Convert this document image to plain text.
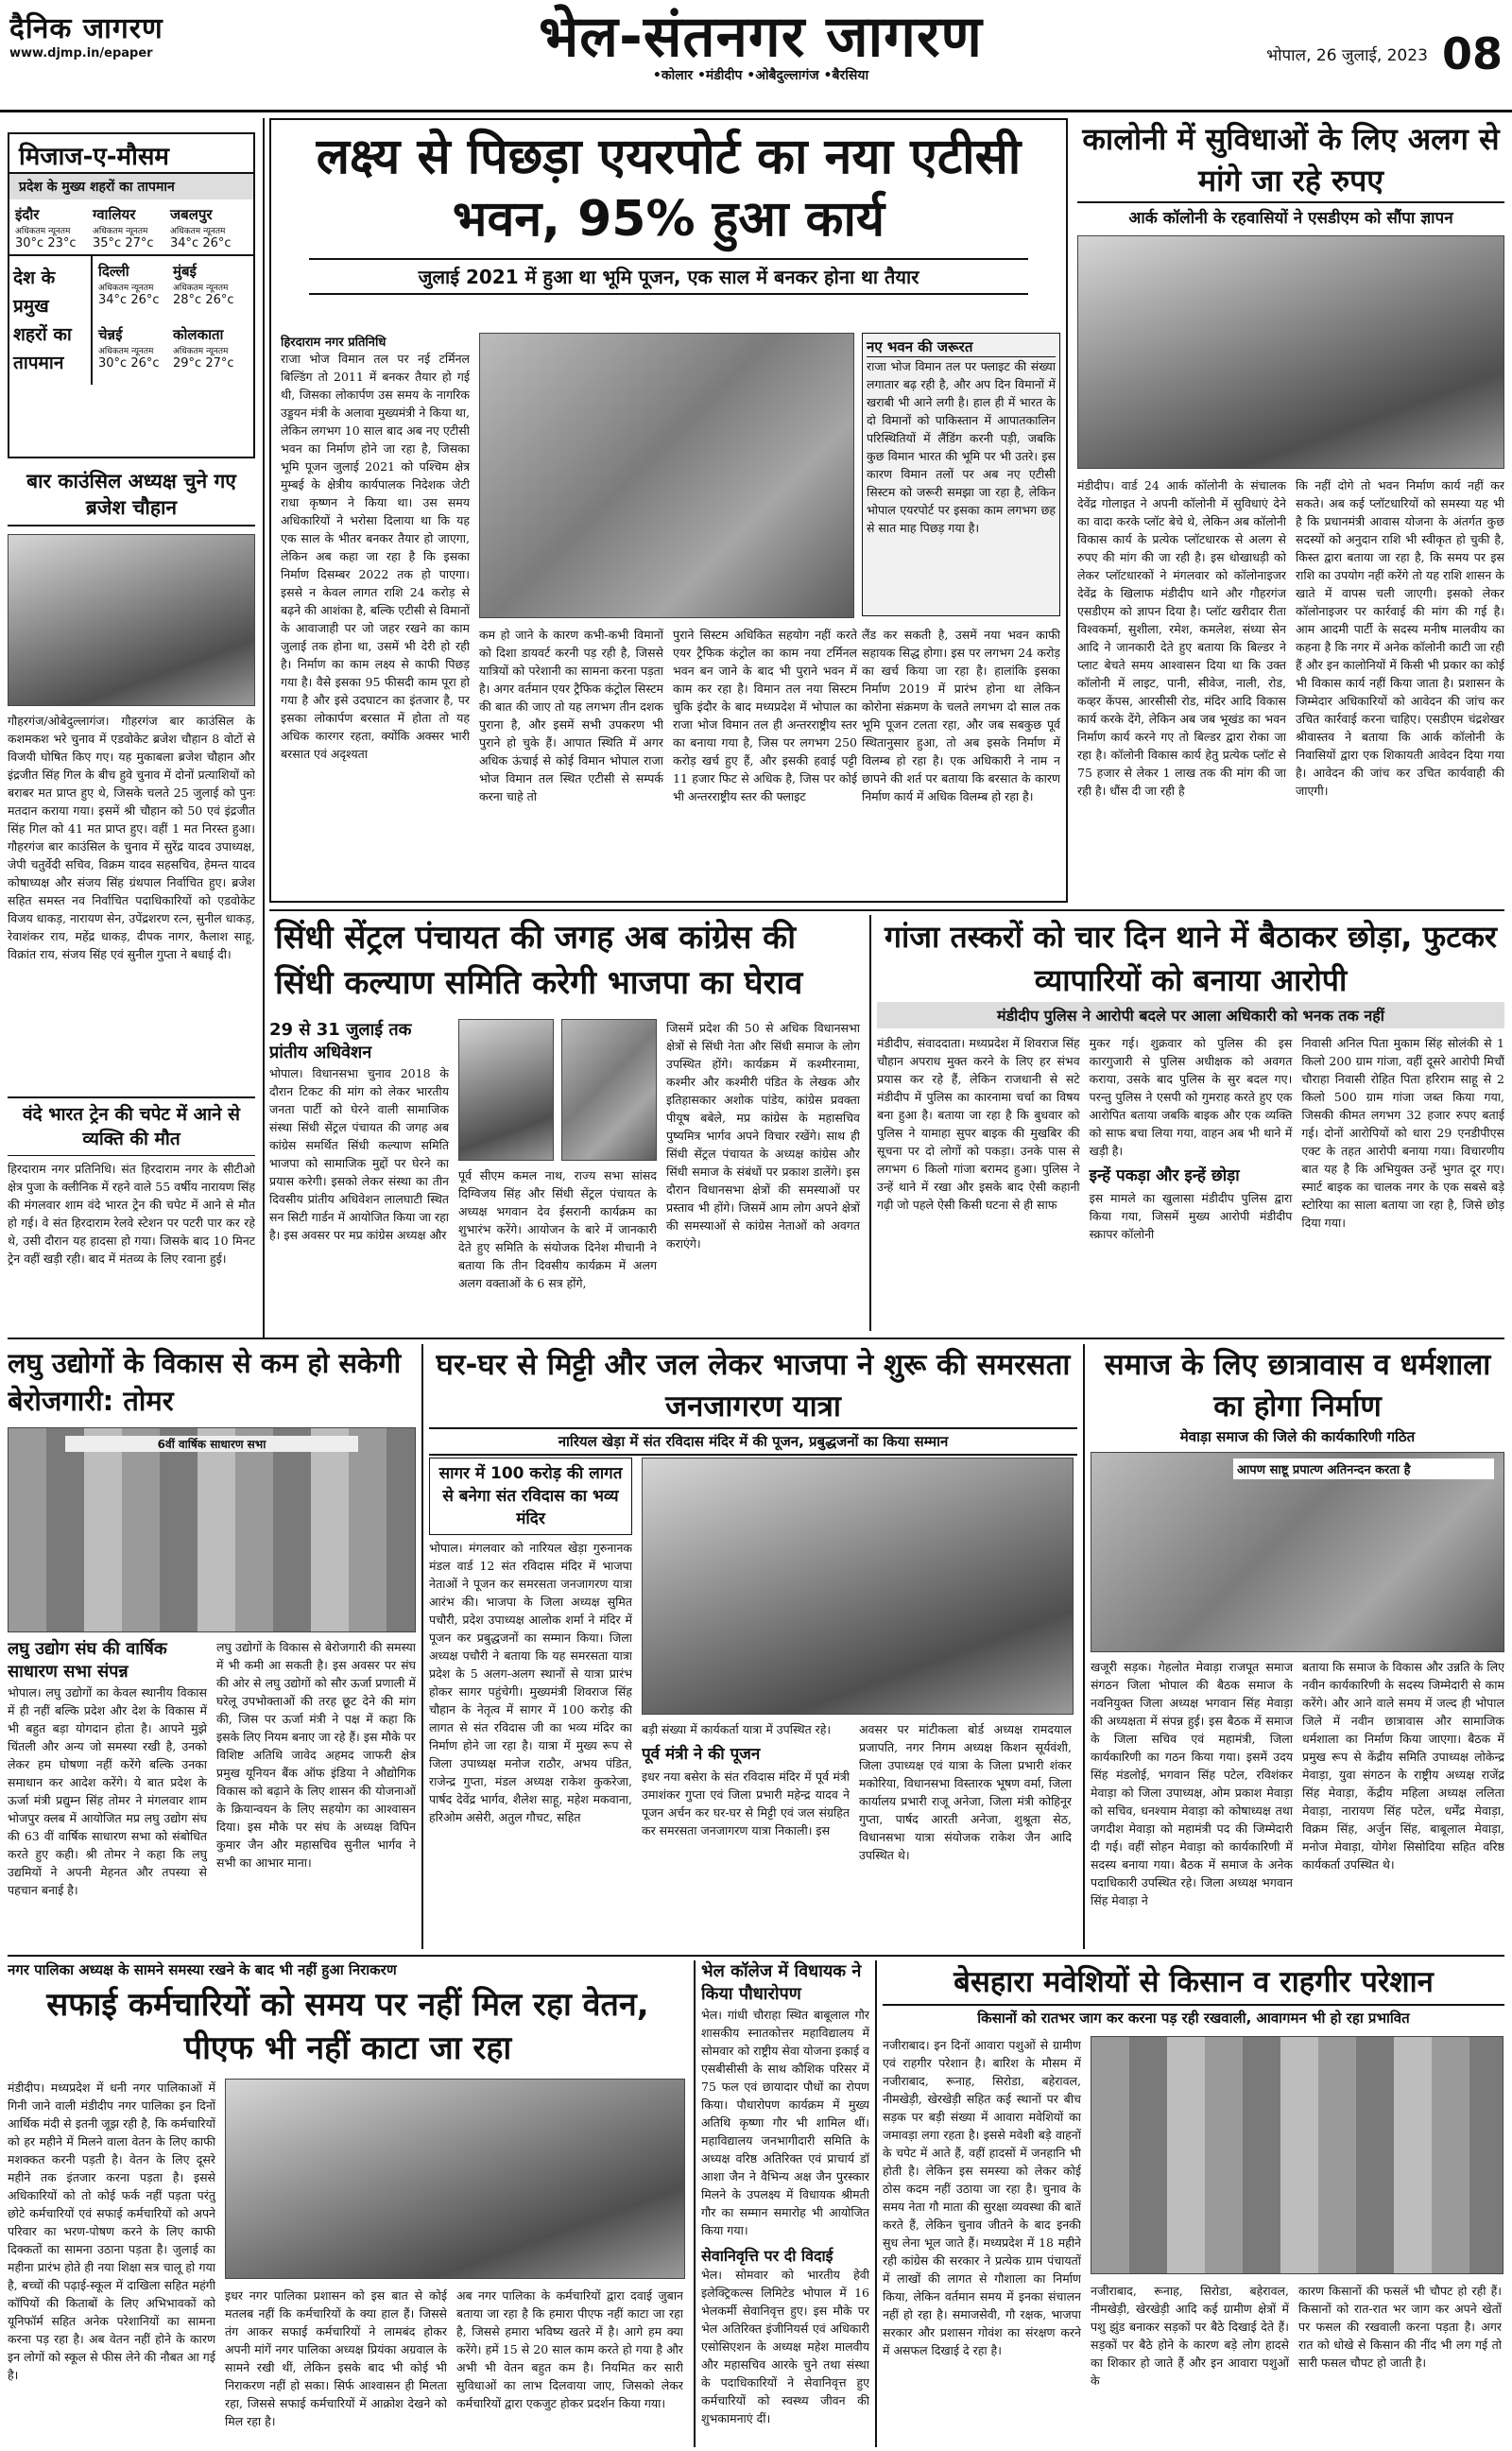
दैनिक जागरण
www.djmp.in/epaper	भेल-संतनगर जागरण
•कोलार •मंडीदीप •ओबैदुल्लागंज •बैरसिया
भोपाल, 26 जुलाई, 2023 08
मिजाज-ए-मौसम
प्रदेश के मुख्य शहरों का तापमान
इंदौर
अधिकतम न्यूनतम
30°c 23°c
ग्वालियर
अधिकतम न्यूनतम
35°c 27°c
जबलपुर
अधिकतम न्यूनतम
34°c 26°c
देश के प्रमुख शहरों का तापमान
दिल्ली
अधिकतम न्यूनतम
34°c 26°c
मुंबई
अधिकतम न्यूनतम
28°c 26°c
चेन्नई
अधिकतम न्यूनतम
30°c 26°c
कोलकाता
अधिकतम न्यूनतम
29°c 27°c
बार काउंसिल अध्यक्ष चुने गए ब्रजेश चौहान
गौहरगंज/ओबेदुल्लागंज। गौहरगंज बार काउंसिल के कशमकश भरे चुनाव में एडवोकेट ब्रजेश चौहान 8 वोटों से विजयी घोषित किए गए। यह मुकाबला ब्रजेश चौहान और इंद्रजीत सिंह गिल के बीच हुवे चुनाव में दोनों प्रत्याशियों को बराबर मत प्राप्त हुए थे, जिसके चलते 25 जुलाई को पुनः मतदान कराया गया। इसमें श्री चौहान को 50 एवं इंद्रजीत सिंह गिल को 41 मत प्राप्त हुए। वहीं 1 मत निरस्त हुआ। गौहरगंज बार काउंसिल के चुनाव में सुरेंद्र यादव उपाध्यक्ष, जेपी चतुर्वेदी सचिव, विक्रम यादव सहसचिव, हेमन्त यादव कोषाध्यक्ष और संजय सिंह ग्रंथपाल निर्वाचित हुए। ब्रजेश सहित समस्त नव निर्वाचित पदाधिकारियों को एडवोकेट विजय धाकड़, नारायण सेन, उपेंद्रशरण रत्न, सुनील धाकड़, रेवाशंकर राय, महेंद्र धाकड़, दीपक नागर, कैलाश साहू, विक्रांत राय, संजय सिंह एवं सुनील गुप्ता ने बधाई दी।
वंदे भारत ट्रेन की चपेट में आने से व्यक्ति की मौत
हिरदाराम नगर प्रतिनिधि। संत हिरदाराम नगर के सीटीओ क्षेत्र पुजा के क्लीनिक में रहने वाले 55 वर्षीय नारायण सिंह की मंगलवार शाम वंदे भारत ट्रेन की चपेट में आने से मौत हो गई। वे संत हिरदाराम रेलवे स्टेशन पर पटरी पार कर रहे थे, उसी दौरान यह हादसा हो गया। जिसके बाद 10 मिनट ट्रेन वहीं खड़ी रही। बाद में मंतव्य के लिए रवाना हुई।
लक्ष्य से पिछड़ा एयरपोर्ट का नया एटीसी भवन, 95% हुआ कार्य
जुलाई 2021 में हुआ था भूमि पूजन, एक साल में बनकर होना था तैयार
हिरदाराम नगर प्रतिनिधि
राजा भोज विमान तल पर नई टर्मिनल बिल्डिंग तो 2011 में बनकर तैयार हो गई थी, जिसका लोकार्पण उस समय के नागरिक उड्डयन मंत्री के अलावा मुख्यमंत्री ने किया था, लेकिन लगभग 10 साल बाद अब नए एटीसी भवन का निर्माण होने जा रहा है, जिसका भूमि पूजन जुलाई 2021 को पश्चिम क्षेत्र मुम्बई के क्षेत्रीय कार्यपालक निदेशक जेटी राधा कृष्णन ने किया था। उस समय अधिकारियों ने भरोसा दिलाया था कि यह एक साल के भीतर बनकर तैयार हो जाएगा, लेकिन अब कहा जा रहा है कि इसका निर्माण दिसम्बर 2022 तक हो पाएगा। इससे न केवल लागत राशि 24 करोड़ से बढ़ने की आशंका है, बल्कि एटीसी से विमानों के आवाजाही पर जो जहर रखने का काम जुलाई तक होना था, उसमें भी देरी हो रही है। निर्माण का काम लक्ष्य से काफी पिछड़ गया है। वैसे इसका 95 फीसदी काम पूरा हो गया है और इसे उदघाटन का इंतजार है, पर इसका लोकार्पण बरसात में होता तो यह अधिक कारगर रहता, क्योंकि अक्सर भारी बरसात एवं अदृश्यता
कम हो जाने के कारण कभी-कभी विमानों को दिशा डायवर्ट करनी पड़ रही है, जिससे यात्रियों को परेशानी का सामना करना पड़ता है। अगर वर्तमान एयर ट्रैफिक कंट्रोल सिस्टम की बात की जाए तो यह लगभग तीन दशक पुराना है, और इसमें सभी उपकरण भी पुराने हो चुके हैं। आपात स्थिति में अगर अधिक ऊंचाई से कोई विमान भोपाल राजा भोज विमान तल स्थित एटीसी से सम्पर्क करना चाहे तो
पुराने सिस्टम अधिकित सहयोग नहीं करते एयर ट्रैफिक कंट्रोल का काम नया टर्मिनल भवन बन जाने के बाद भी पुराने भवन में काम कर रहा है। विमान तल नया सिस्टम चुकि इंदौर के बाद मध्यप्रदेश में भोपाल का राजा भोज विमान तल ही अन्तरराष्ट्रीय स्तर का बनाया गया है, जिस पर लगभग 250 करोड़ खर्च हुए हैं, और इसकी हवाई पट्टी 11 हजार फिट से अधिक है, जिस पर कोई भी अन्तरराष्ट्रीय स्तर की फ्लाइट
नए भवन की जरूरत
राजा भोज विमान तल पर फ्लाइट की संख्या लगातार बढ़ रही है, और अप दिन विमानों में खराबी भी आने लगी है। हाल ही में भारत के दो विमानों को पाकिस्तान में आपातकालिन परिस्थितियों में लैंडिंग करनी पड़ी, जबकि कुछ विमान भारत की भूमि पर भी उतरे। इस कारण विमान तलों पर अब नए एटीसी सिस्टम को जरूरी समझा जा रहा है, लेकिन भोपाल एयरपोर्ट पर इसका काम लगभग छह से सात माह पिछड़ गया है।
लैंड कर सकती है, उसमें नया भवन काफी सहायक सिद्ध होगा। इस पर लगभग 24 करोड़ का खर्च किया जा रहा है। हालांकि इसका निर्माण 2019 में प्रारंभ होना था लेकिन कोरोना संक्रमण के चलते लगभग दो साल तक भूमि पूजन टलता रहा, और जब सबकुछ पूर्व स्थितानुसार हुआ, तो अब इसके निर्माण में विलम्ब हो रहा है। एक अधिकारी ने नाम न छापने की शर्त पर बताया कि बरसात के कारण निर्माण कार्य में अधिक विलम्ब हो रहा है।
कालोनी में सुविधाओं के लिए अलग से मांगे जा रहे रुपए
आर्क कॉलोनी के रहवासियों ने एसडीएम को सौंपा ज्ञापन
मंडीदीप। वार्ड 24 आर्क कॉलोनी के संचालक देवेंद्र गोलाइत ने अपनी कॉलोनी में सुविधाएं देने का वादा करके प्लॉट बेचे थे, लेकिन अब कॉलोनी विकास कार्य के प्रत्येक प्लॉटधारक से अलग से रुपए की मांग की जा रही है। इस धोखाधड़ी को लेकर प्लॉटधारकों ने मंगलवार को कॉलोनाइजर देवेंद्र के खिलाफ मंडीदीप थाने और गौहरगंज एसडीएम को ज्ञापन दिया है। प्लॉट खरीदार रीता विश्वकर्मा, सुशीला, रमेश, कमलेश, संध्या सेन आदि ने जानकारी देते हुए बताया कि बिल्डर ने प्लाट बेचते समय आश्वासन दिया था कि उक्त कॉलोनी में लाइट, पानी, सीवेज, नाली, रोड, कव्हर केंपस, आरसीसी रोड, मंदिर आदि विकास कार्य करके देंगे, लेकिन अब जब भूखंड का भवन निर्माण कार्य करने गए तो बिल्डर द्वारा रोका जा रहा है। कॉलोनी विकास कार्य हेतु प्रत्येक प्लॉट से 75 हजार से लेकर 1 लाख तक की मांग की जा रही है। धौंस दी जा रही है
कि नहीं दोगे तो भवन निर्माण कार्य नहीं कर सकते। अब कई प्लॉटधारियों को समस्या यह भी है कि प्रधानमंत्री आवास योजना के अंतर्गत कुछ सदस्यों को अनुदान राशि भी स्वीकृत हो चुकी है, किस्त द्वारा बताया जा रहा है, कि समय पर इस राशि का उपयोग नहीं करेंगे तो यह राशि शासन के खाते में वापस चली जाएगी। इसको लेकर कॉलोनाइजर पर कार्रवाई की मांग की गई है। आम आदमी पार्टी के सदस्य मनीष मालवीय का कहना है कि नगर में अनेक कॉलोनी काटी जा रही हैं और इन कालोनियों में किसी भी प्रकार का कोई भी विकास कार्य नहीं किया जाता है। प्रशासन के जिम्मेदार अधिकारियों को आवेदन की जांच कर उचित कार्रवाई करना चाहिए। एसडीएम चंद्रशेखर श्रीवास्तव ने बताया कि आर्क कॉलोनी के निवासियों द्वारा एक शिकायती आवेदन दिया गया है। आवेदन की जांच कर उचित कार्यवाही की जाएगी।
सिंधी सेंट्रल पंचायत की जगह अब कांग्रेस की सिंधी कल्याण समिति करेगी भाजपा का घेराव
29 से 31 जुलाई तक प्रांतीय अधिवेशन
भोपाल। विधानसभा चुनाव 2018 के दौरान टिकट की मांग को लेकर भारतीय जनता पार्टी को घेरने वाली सामाजिक संस्था सिंधी सेंट्रल पंचायत की जगह अब कांग्रेस समर्थित सिंधी कल्याण समिति भाजपा को सामाजिक मुद्दों पर घेरने का प्रयास करेगी। इसको लेकर संस्था का तीन दिवसीय प्रांतीय अधिवेशन लालघाटी स्थित सन सिटी गार्डन में आयोजित किया जा रहा है। इस अवसर पर मप्र कांग्रेस अध्यक्ष और
पूर्व सीएम कमल नाथ, राज्य सभा सांसद दिग्विजय सिंह और सिंधी सेंट्रल पंचायत के अध्यक्ष भगवान देव ईसरानी कार्यक्रम का शुभारंभ करेंगे। आयोजन के बारे में जानकारी देते हुए समिति के संयोजक दिनेश मीचानी ने बताया कि तीन दिवसीय कार्यक्रम में अलग अलग वक्ताओं के 6 सत्र होंगे,
जिसमें प्रदेश की 50 से अधिक विधानसभा क्षेत्रों से सिंधी नेता और सिंधी समाज के लोग उपस्थित होंगे। कार्यक्रम में कश्मीरनामा, कश्मीर और कश्मीरी पंडित के लेखक और इतिहासकार अशोक पांडेय, कांग्रेस प्रवक्ता पीयूष बबेले, मप्र कांग्रेस के महासचिव पुष्यमित्र भार्गव अपने विचार रखेंगे। साथ ही सिंधी सेंट्रल पंचायत के अध्यक्ष कांग्रेस और सिंधी समाज के संबंधों पर प्रकाश डालेंगे। इस दौरान विधानसभा क्षेत्रों की समस्याओं पर प्रस्ताव भी होंगे। जिसमें आम लोग अपने क्षेत्रों की समस्याओं से कांग्रेस नेताओं को अवगत कराएंगे।
गांजा तस्करों को चार दिन थाने में बैठाकर छोड़ा, फुटकर व्यापारियों को बनाया आरोपी
मंडीदीप पुलिस ने आरोपी बदले पर आला अधिकारी को भनक तक नहीं
मंडीदीप, संवाददाता। मध्यप्रदेश में शिवराज सिंह चौहान अपराध मुक्त करने के लिए हर संभव प्रयास कर रहे हैं, लेकिन राजधानी से सटे मंडीदीप में पुलिस का कारनामा चर्चा का विषय बना हुआ है। बताया जा रहा है कि बुधवार को पुलिस ने यामाहा सुपर बाइक की मुखबिर की सूचना पर दो लोगों को पकड़ा। उनके पास से लगभग 6 किलो गांजा बरामद हुआ। पुलिस ने उन्हें थाने में रखा और इसके बाद ऐसी कहानी गढ़ी जो पहले ऐसी किसी घटना से ही साफ
मुकर गई। शुक्रवार को पुलिस की इस कारगुजारी से पुलिस अधीक्षक को अवगत कराया, उसके बाद पुलिस के सुर बदल गए। परन्तु पुलिस ने एसपी को गुमराह करते हुए एक आरोपित बताया जबकि बाइक और एक व्यक्ति को साफ बचा लिया गया, वाहन अब भी थाने में खड़ी है।
इन्हें पकड़ा और इन्हें छोड़ा
इस मामले का खुलासा मंडीदीप पुलिस द्वारा किया गया, जिसमें मुख्य आरोपी मंडीदीप स्क्रापर कॉलोनी
निवासी अनिल पिता मुकाम सिंह सोलंकी से 1 किलो 200 ग्राम गांजा, वहीं दूसरे आरोपी मिचौं चौराहा निवासी रोहित पिता हरिराम साहू से 2 किलो 500 ग्राम गांजा जब्त किया गया, जिसकी कीमत लगभग 32 हजार रुपए बताई गई। दोनों आरोपियों को धारा 29 एनडीपीएस एक्ट के तहत आरोपी बनाया गया। विचारणीय बात यह है कि अभियुक्त उन्हें भुगत दूर गए। स्मार्ट बाइक का चालक नगर के एक सबसे बड़े स्टोरिया का साला बताया जा रहा है, जिसे छोड़ दिया गया।
लघु उद्योगों के विकास से कम हो सकेगी बेरोजगारी: तोमर
6वीं वार्षिक साधारण सभा
लघु उद्योग संघ की वार्षिक साधारण सभा संपन्न
भोपाल। लघु उद्योगों का केवल स्थानीय विकास में ही नहीं बल्कि प्रदेश और देश के विकास में भी बहुत बड़ा योगदान होता है। आपने मुझे चिंतली और अन्य जो समस्या रखी है, उनको लेकर हम घोषणा नहीं करेंगे बल्कि उनका समाधान कर आदेश करेंगे। ये बात प्रदेश के ऊर्जा मंत्री प्रद्युम्न सिंह तोमर ने मंगलवार शाम भोजपुर क्लब में आयोजित मप्र लघु उद्योग संघ की 63 वीं वार्षिक साधारण सभा को संबोधित करते हुए कही। श्री तोमर ने कहा कि लघु उद्यमियों ने अपनी मेहनत और तपस्या से पहचान बनाई है।
लघु उद्योगों के विकास से बेरोजगारी की समस्या में भी कमी आ सकती है। इस अवसर पर संघ की ओर से लघु उद्योगों को सौर ऊर्जा प्रणाली में घरेलू उपभोक्ताओं की तरह छूट देने की मांग की, जिस पर ऊर्जा मंत्री ने पक्ष में कहा कि इसके लिए नियम बनाए जा रहे हैं। इस मौके पर विशिष्ट अतिथि जावेद अहमद जाफरी क्षेत्र प्रमुख यूनियन बैंक ऑफ इंडिया ने औद्योगिक विकास को बढ़ाने के लिए शासन की योजनाओं के क्रियान्वयन के लिए सहयोग का आश्वासन दिया। इस मौके पर संघ के अध्यक्ष विपिन कुमार जैन और महासचिव सुनील भार्गव ने सभी का आभार माना।
घर-घर से मिट्टी और जल लेकर भाजपा ने शुरू की समरसता जनजागरण यात्रा
नारियल खेड़ा में संत रविदास मंदिर में की पूजन, प्रबुद्धजनों का किया सम्मान
सागर में 100 करोड़ की लागत से बनेगा संत रविदास का भव्य मंदिर
भोपाल। मंगलवार को नारियल खेड़ा गुरुनानक मंडल वार्ड 12 संत रविदास मंदिर में भाजपा नेताओं ने पूजन कर समरसता जनजागरण यात्रा आरंभ की। भाजपा के जिला अध्यक्ष सुमित पचौरी, प्रदेश उपाध्यक्ष आलोक शर्मा ने मंदिर में पूजन कर प्रबुद्धजनों का सम्मान किया। जिला अध्यक्ष पचौरी ने बताया कि यह समरसता यात्रा प्रदेश के 5 अलग-अलग स्थानों से यात्रा प्रारंभ होकर सागर पहुंचेगी। मुख्यमंत्री शिवराज सिंह चौहान के नेतृत्व में सागर में 100 करोड़ की लागत से संत रविदास जी का भव्य मंदिर का निर्माण होने जा रहा है। यात्रा में मुख्य रूप से जिला उपाध्यक्ष मनोज राठौर, अभय पंडित, राजेन्द्र गुप्ता, मंडल अध्यक्ष राकेश कुकरेजा, पार्षद देवेंद्र भार्गव, शैलेश साहू, महेश मकवाना, हरिओम असेरी, अतुल गौचट, सहित
बड़ी संख्या में कार्यकर्ता यात्रा में उपस्थित रहे।
पूर्व मंत्री ने की पूजन
इधर नया बसेरा के संत रविदास मंदिर में पूर्व मंत्री उमाशंकर गुप्ता एवं जिला प्रभारी महेन्द्र यादव ने पूजन अर्चन कर घर-घर से मिट्टी एवं जल संग्रहित कर समरसता जनजागरण यात्रा निकाली। इस
अवसर पर मांटीकला बोर्ड अध्यक्ष रामदयाल प्रजापति, नगर निगम अध्यक्ष किशन सूर्यवंशी, जिला उपाध्यक्ष एवं यात्रा के जिला प्रभारी शंकर मकोरिया, विधानसभा विस्तारक भूषण वर्मा, जिला कार्यालय प्रभारी राजू अनेजा, जिला मंत्री कोहिनूर गुप्ता, पार्षद आरती अनेजा, शुश्रूता सेठ, विधानसभा यात्रा संयोजक राकेश जैन आदि उपस्थित थे।
समाज के लिए छात्रावास व धर्मशाला का होगा निर्माण
मेवाड़ा समाज की जिले की कार्यकारिणी गठित
आपण साष्टू प्रपात्ण अतिनन्दन करता है
खजूरी सड़क। गेहलोत मेवाड़ा राजपूत समाज संगठन जिला भोपाल की बैठक समाज के नवनियुक्त जिला अध्यक्ष भगवान सिंह मेवाड़ा की अध्यक्षता में संपन्न हुई। इस बैठक में समाज के जिला सचिव एवं महामंत्री, जिला कार्यकारिणी का गठन किया गया। इसमें उदय सिंह मंडलोई, भगवान सिंह पटेल, रविशंकर मेवाड़ा को जिला उपाध्यक्ष, ओम प्रकाश मेवाड़ा को सचिव, धनश्याम मेवाड़ा को कोषाध्यक्ष तथा जगदीश मेवाड़ा को महामंत्री पद की जिम्मेदारी दी गई। वहीं सोहन मेवाड़ा को कार्यकारिणी में सदस्य बनाया गया। बैठक में समाज के अनेक पदाधिकारी उपस्थित रहे। जिला अध्यक्ष भगवान सिंह मेवाड़ा ने
बताया कि समाज के विकास और उन्नति के लिए नवीन कार्यकारिणी के सदस्य जिम्मेदारी से काम करेंगे। और आने वाले समय में जल्द ही भोपाल जिले में नवीन छात्रावास और सामाजिक धर्मशाला का निर्माण किया जाएगा। बैठक में प्रमुख रूप से केंद्रीय समिति उपाध्यक्ष लोकेन्द्र मेवाड़ा, युवा संगठन के राष्ट्रीय अध्यक्ष राजेंद्र सिंह मेवाड़ा, केंद्रीय महिला अध्यक्ष ललिता मेवाड़ा, नारायण सिंह पटेल, धर्मेंद्र मेवाड़ा, विक्रम सिंह, अर्जुन सिंह, बाबूलाल मेवाड़ा, मनोज मेवाड़ा, योगेश सिसोदिया सहित वरिष्ठ कार्यकर्ता उपस्थित थे।
नगर पालिका अध्यक्ष के सामने समस्या रखने के बाद भी नहीं हुआ निराकरण
सफाई कर्मचारियों को समय पर नहीं मिल रहा वेतन, पीएफ भी नहीं काटा जा रहा
मंडीदीप। मध्यप्रदेश में धनी नगर पालिकाओं में गिनी जाने वाली मंडीदीप नगर पालिका इन दिनों आर्थिक मंदी से इतनी जूझ रही है, कि कर्मचारियों को हर महीने में मिलने वाला वेतन के लिए काफी मशक्कत करनी पड़ती है। वेतन के लिए दूसरे महीने तक इंतजार करना पड़ता है। इससे अधिकारियों को तो कोई फर्क नहीं पड़ता परंतु छोटे कर्मचारियों एवं सफाई कर्मचारियों को अपने परिवार का भरण-पोषण करने के लिए काफी दिक्कतों का सामना उठाना पड़ता है। जुलाई का महीना प्रारंभ होते ही नया शिक्षा सत्र चालू हो गया है, बच्चों की पढ़ाई-स्कूल में दाखिला सहित महंगी कॉपियों की किताबों के लिए अभिभावकों को यूनिफॉर्म सहित अनेक परेशानियों का सामना करना पड़ रहा है। अब वेतन नहीं होने के कारण इन लोगों को स्कूल से फीस लेने की नौबत आ गई है।
इधर नगर पालिका प्रशासन को इस बात से कोई मतलब नहीं कि कर्मचारियों के क्या हाल हैं। जिससे तंग आकर सफाई कर्मचारियों ने लामबंद होकर अपनी मांगें नगर पालिका अध्यक्ष प्रियंका अग्रवाल के सामने रखी थीं, लेकिन इसके बाद भी कोई भी निराकरण नहीं हो सका। सिर्फ आश्वासन ही मिलता रहा, जिससे सफाई कर्मचारियों में आक्रोश देखने को मिल रहा है।
अब नगर पालिका के कर्मचारियों द्वारा दवाई जुबान बताया जा रहा है कि हमारा पीएफ नहीं काटा जा रहा है, जिससे हमारा भविष्य खतरे में है। आगे हम क्या करेंगे। हमें 15 से 20 साल काम करते हो गया है और अभी भी वेतन बहुत कम है। नियमित कर सारी सुविधाओं का लाभ दिलवाया जाए, जिसको लेकर कर्मचारियों द्वारा एकजुट होकर प्रदर्शन किया गया।
भेल कॉलेज में विधायक ने किया पौधारोपण
भेल। गांधी चौराहा स्थित बाबूलाल गौर शासकीय स्नातकोत्तर महाविद्यालय में सोमवार को राष्ट्रीय सेवा योजना इकाई व एसबीसीसी के साथ कौशिक परिसर में 75 फल एवं छायादार पौधों का रोपण किया। पौधारोपण कार्यक्रम में मुख्य अतिथि कृष्णा गौर भी शामिल थीं। महाविद्यालय जनभागीदारी समिति के अध्यक्ष वरिष्ठ अतिरिक्त एवं प्राचार्य डॉ आशा जैन ने वैभिन्य अक्ष जैन पुरस्कार मिलने के उपलक्ष्य में विधायक श्रीमती गौर का सम्मान समारोह भी आयोजित किया गया।
सेवानिवृत्ति पर दी विदाई
भेल। सोमवार को भारतीय हेवी इलेक्ट्रिकल्स लिमिटेड भोपाल में 16 भेलकर्मी सेवानिवृत्त हुए। इस मौके पर भेल अतिरिक्त इंजीनियर्स एवं अधिकारी एसोसिएशन के अध्यक्ष महेश मालवीय और महासचिव आरके चुने तथा संस्था के पदाधिकारियों ने सेवानिवृत्त हुए कर्मचारियों को स्वस्थ्य जीवन की शुभकामनाएं दीं।
बेसहारा मवेशियों से किसान व राहगीर परेशान
किसानों को रातभर जाग कर करना पड़ रही रखवाली, आवागमन भी हो रहा प्रभावित
नजीराबाद। इन दिनों आवारा पशुओं से ग्रामीण एवं राहगीर परेशान है। बारिश के मौसम में नजीराबाद, रूनाह, सिरोडा, बहेरावल, नीमखेड़ी, खेरखेड़ी सहित कई स्थानों पर बीच सड़क पर बड़ी संख्या में आवारा मवेशियों का जमावड़ा लगा रहता है। इससे मवेशी बड़े वाहनों के चपेट में आते हैं, वहीं हादसों में जनहानि भी होती है। लेकिन इस समस्या को लेकर कोई ठोस कदम नहीं उठाया जा रहा है। चुनाव के समय नेता गौ माता की सुरक्षा व्यवस्था की बातें करते हैं, लेकिन चुनाव जीतने के बाद इनकी सुध लेना भूल जाते हैं। मध्यप्रदेश में 18 महीने रही कांग्रेस की सरकार ने प्रत्येक ग्राम पंचायतों में लाखों की लागत से गौशाला का निर्माण किया, लेकिन वर्तमान समय में इनका संचालन नहीं हो रहा है। समाजसेवी, गौ रक्षक, भाजपा सरकार और प्रशासन गोवंश का संरक्षण करने में असफल दिखाई दे रहा है।
नजीराबाद, रूनाह, सिरोडा, बहेरावल, नीमखेड़ी, खेरखेड़ी आदि कई ग्रामीण क्षेत्रों में पशु झुंड बनाकर सड़कों पर बैठे दिखाई देते हैं। सड़कों पर बैठे होने के कारण बड़े लोग हादसे का शिकार हो जाते हैं और इन आवारा पशुओं के
कारण किसानों की फसलें भी चौपट हो रही हैं। किसानों को रात-रात भर जाग कर अपने खेतों पर फसल की रखवाली करना पड़ता है। अगर रात को धोखे से किसान की नींद भी लग गई तो सारी फसल चौपट हो जाती है।
